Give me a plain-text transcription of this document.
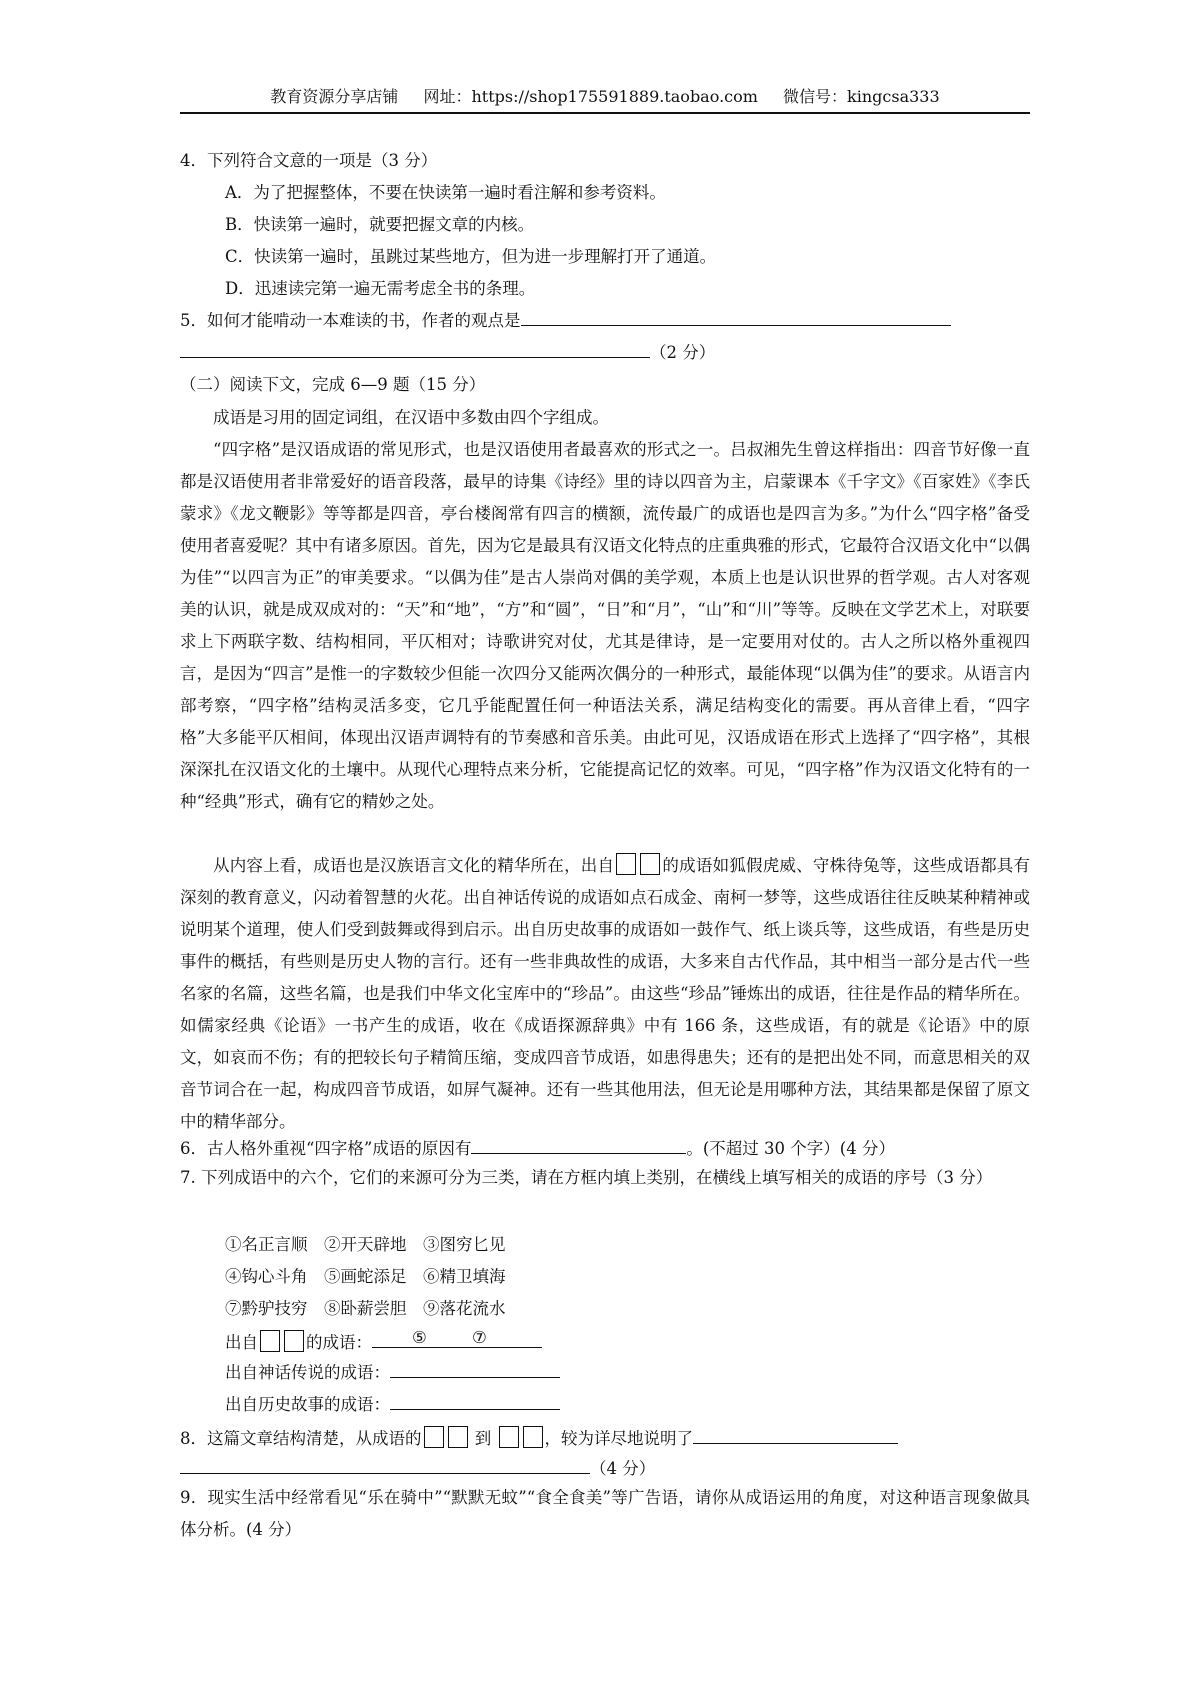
教育资源分享店铺 网址：https://shop175591889.taobao.com 微信号：kingcsa333
4．下列符合文意的一项是（3 分）
A．为了把握整体，不要在快读第一遍时看注解和参考资料。
B．快读第一遍时，就要把握文章的内核。
C．快读第一遍时，虽跳过某些地方，但为进一步理解打开了通道。
D．迅速读完第一遍无需考虑全书的条理。
5．如何才能啃动一本难读的书，作者的观点是
（2 分）
（二）阅读下文，完成 6—9 题（15 分）
成语是习用的固定词组，在汉语中多数由四个字组成。
“四字格”是汉语成语的常见形式，也是汉语使用者最喜欢的形式之一。吕叔湘先生曾这样指出：四音节好像一直都是汉语使用者非常爱好的语音段落，最早的诗集《诗经》里的诗以四音为主，启蒙课本《千字文》《百家姓》《李氏蒙求》《龙文鞭影》等等都是四音，亭台楼阁常有四言的横额，流传最广的成语也是四言为多。”为什么“四字格”备受使用者喜爱呢？其中有诸多原因。首先，因为它是最具有汉语文化特点的庄重典雅的形式，它最符合汉语文化中“以偶为佳”“以四言为正”的审美要求。“以偶为佳”是古人崇尚对偶的美学观，本质上也是认识世界的哲学观。古人对客观美的认识，就是成双成对的：“天”和“地”，“方”和“圆”，“日”和“月”，“山”和“川”等等。反映在文学艺术上，对联要求上下两联字数、结构相同，平仄相对；诗歌讲究对仗，尤其是律诗，是一定要用对仗的。古人之所以格外重视四言，是因为“四言”是惟一的字数较少但能一次四分又能两次偶分的一种形式，最能体现“以偶为佳”的要求。从语言内部考察，“四字格”结构灵活多变，它几乎能配置任何一种语法关系，满足结构变化的需要。再从音律上看，“四字格”大多能平仄相间，体现出汉语声调特有的节奏感和音乐美。由此可见，汉语成语在形式上选择了“四字格”，其根深深扎在汉语文化的土壤中。从现代心理特点来分析，它能提高记忆的效率。可见，“四字格”作为汉语文化特有的一种“经典”形式，确有它的精妙之处。
从内容上看，成语也是汉族语言文化的精华所在，出自	的成语如狐假虎威、守株待兔等，这些成语都具有深刻的教育意义，闪动着智慧的火花。出自神话传说的成语如点石成金、南柯一梦等，这些成语往往反映某种精神或说明某个道理，使人们受到鼓舞或得到启示。出自历史故事的成语如一鼓作气、纸上谈兵等，这些成语，有些是历史事件的概括，有些则是历史人物的言行。还有一些非典故性的成语，大多来自古代作品，其中相当一部分是古代一些名家的名篇，这些名篇，也是我们中华文化宝库中的“珍品”。由这些“珍品”锤炼出的成语，往往是作品的精华所在。如儒家经典《论语》一书产生的成语，收在《成语探源辞典》中有 166 条，这些成语，有的就是《论语》中的原文，如哀而不伤；有的把较长句子精简压缩，变成四音节成语，如患得患失；还有的是把出处不同，而意思相关的双音节词合在一起，构成四音节成语，如屏气凝神。还有一些其他用法，但无论是用哪种方法，其结果都是保留了原文中的精华部分。
6．古人格外重视“四字格”成语的原因有	。(不超过 30 个字）(4 分）
7. 下列成语中的六个，它们的来源可分为三类，请在方框内填上类别，在横线上填写相关的成语的序号（3 分）
①名正言顺　②开天辟地　③图穷匕见
④钩心斗角　⑤画蛇添足　⑥精卫填海
⑦黔驴技穷　⑧卧薪尝胆　⑨落花流水
出自	的成语： ⑤	⑦
出自神话传说的成语：
出自历史故事的成语：
8．这篇文章结构清楚，从成语的	到	，较为详尽地说明了
（4 分）
9．现实生活中经常看见“乐在骑中”“默默无蚊”“食全食美”等广告语，请你从成语运用的角度，对这种语言现象做具体分析。(4 分）
